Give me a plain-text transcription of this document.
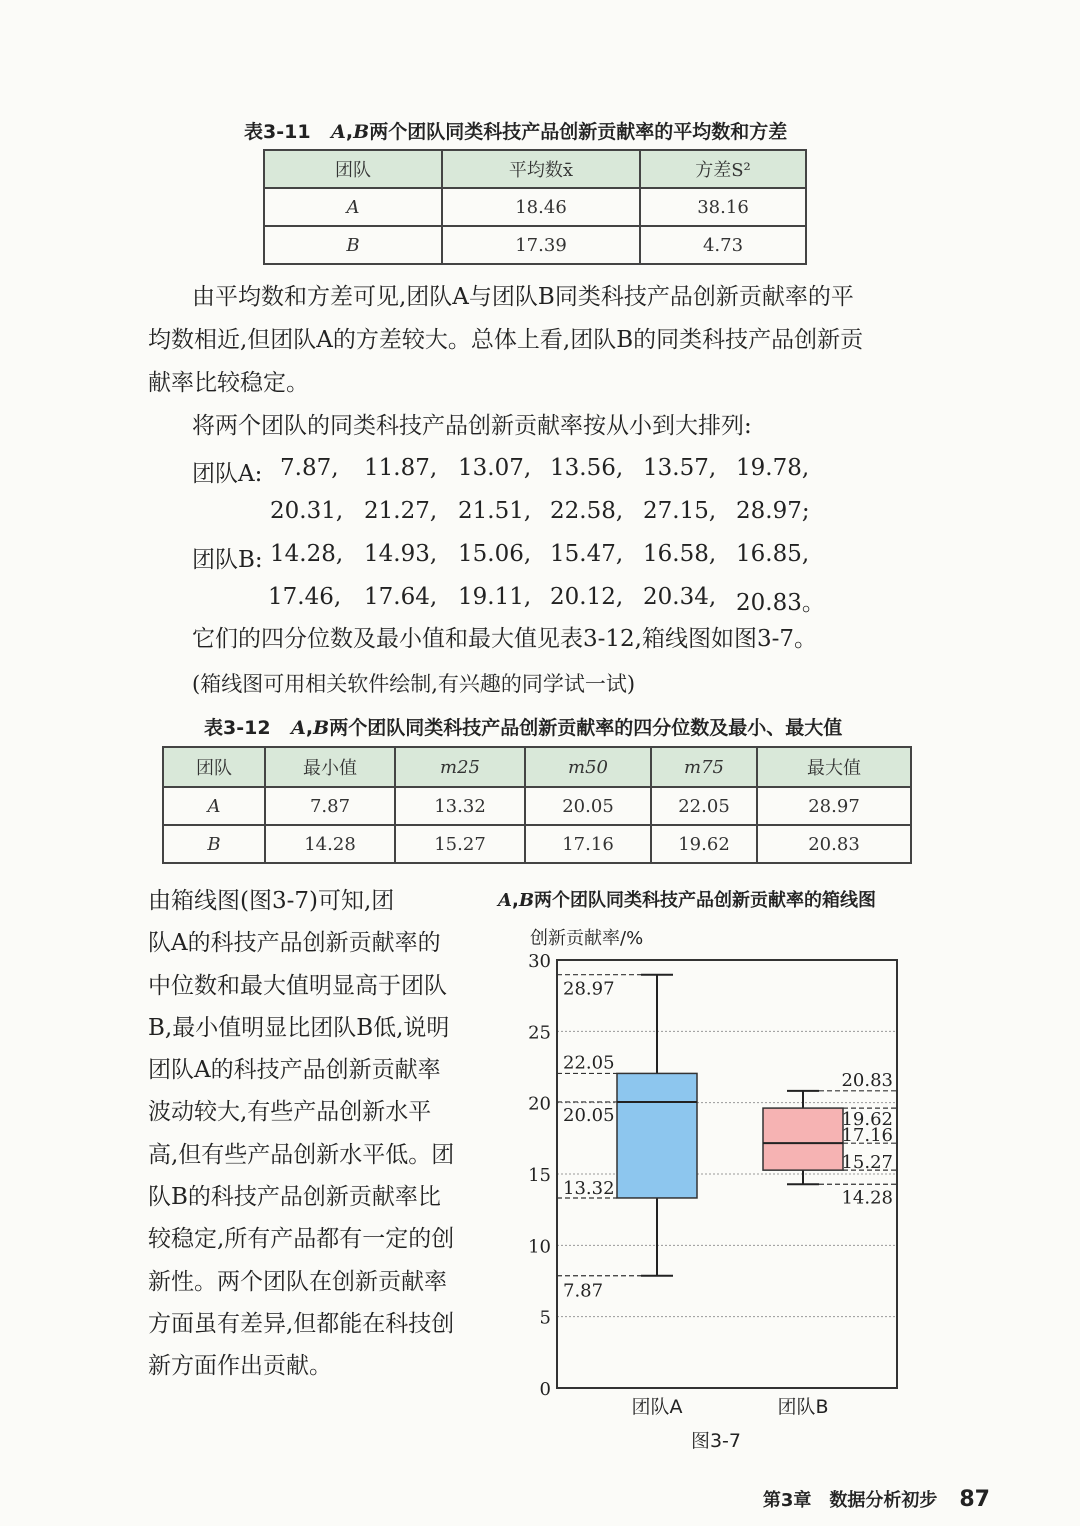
表3-11 A,B两个团队同类科技产品创新贡献率的平均数和方差
团队	平均数x̄	方差S²
A	18.46	38.16
B	17.39	4.73
由平均数和方差可见,团队A与团队B同类科技产品创新贡献率的平
均数相近,但团队A的方差较大。总体上看,团队B的同类科技产品创新贡
献率比较稳定。
将两个团队的同类科技产品创新贡献率按从小到大排列:
团队A: 7.87, 11.87, 13.07, 13.56, 13.57, 19.78,
20.31, 21.27, 21.51, 22.58, 27.15, 28.97;
14.28, 14.93, 15.06, 15.47, 16.58, 16.85,
17.46, 17.64, 19.11, 20.12, 20.34, 20.83。
团队B:
它们的四分位数及最小值和最大值见表3-12,箱线图如图3-7。
(箱线图可用相关软件绘制,有兴趣的同学试一试)
表3-12 A,B两个团队同类科技产品创新贡献率的四分位数及最小、最大值
团队	最小值	m25	m50	m75	最大值
A	7.87	13.32	20.05	22.05	28.97
B	14.28	15.27	17.16	19.62	20.83

由箱线图(图3-7)可知,团

队A的科技产品创新贡献率的

中位数和最大值明显高于团队

B,最小值明显比团队B低,说明

团队A的科技产品创新贡献率

波动较大,有些产品创新水平

高,但有些产品创新水平低。团

队B的科技产品创新贡献率比

较稳定,所有产品都有一定的创

新性。两个团队在创新贡献率

方面虽有差异,但都能在科技创

新方面作出贡献。

A,B两个团队同类科技产品创新贡献率的箱线图
创新贡献率/%
0
5
10
15
20
25
30
28.97
22.05
20.05
13.32
7.87
团队A
20.83
19.62
17.16
15.27
14.28
团队B
图3-7
第3章　数据分析初步 87
